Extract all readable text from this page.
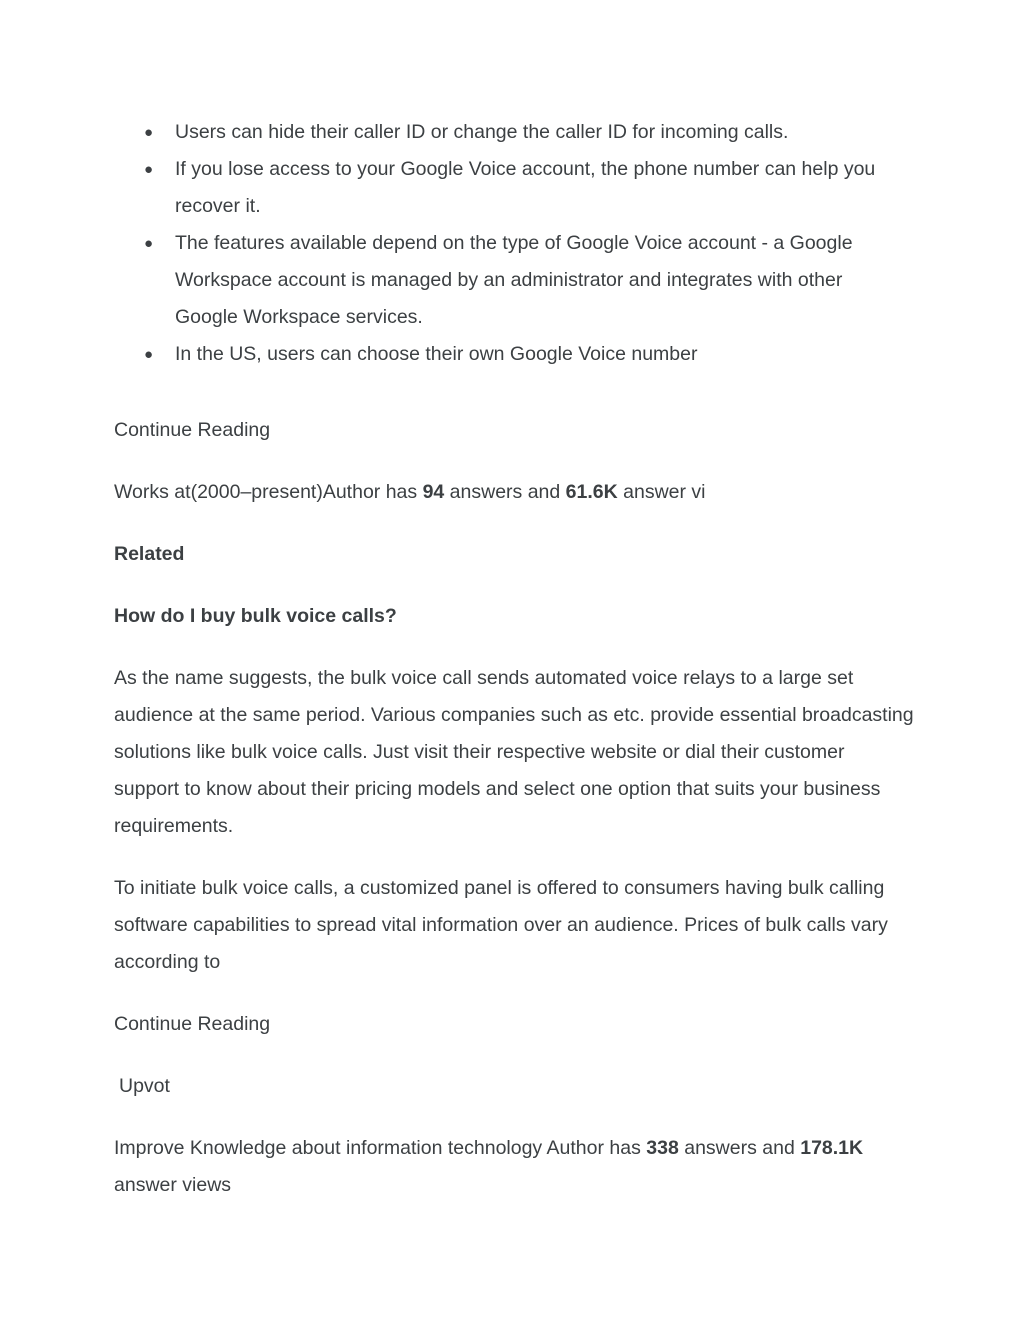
● Users can hide their caller ID or change the caller ID for incoming calls.
● If you lose access to your Google Voice account, the phone number can help you recover it.
● The features available depend on the type of Google Voice account - a Google Workspace account is managed by an administrator and integrates with other Google Workspace services.
● In the US, users can choose their own Google Voice number
Continue Reading
Works at(2000–present)Author has 94 answers and 61.6K answer vi
Related
How do I buy bulk voice calls?

As the name suggests, the bulk voice call sends automated voice relays to a large set audience at the same period. Various companies such as etc. provide essential broadcasting solutions like bulk voice calls. Just visit their respective website or dial their customer support to know about their pricing models and select one option that suits your business requirements.

To initiate bulk voice calls, a customized panel is offered to consumers having bulk calling software capabilities to spread vital information over an audience. Prices of bulk calls vary according to

Continue Reading
Upvot

Improve Knowledge about information technology Author has 338 answers and 178.1K answer views
